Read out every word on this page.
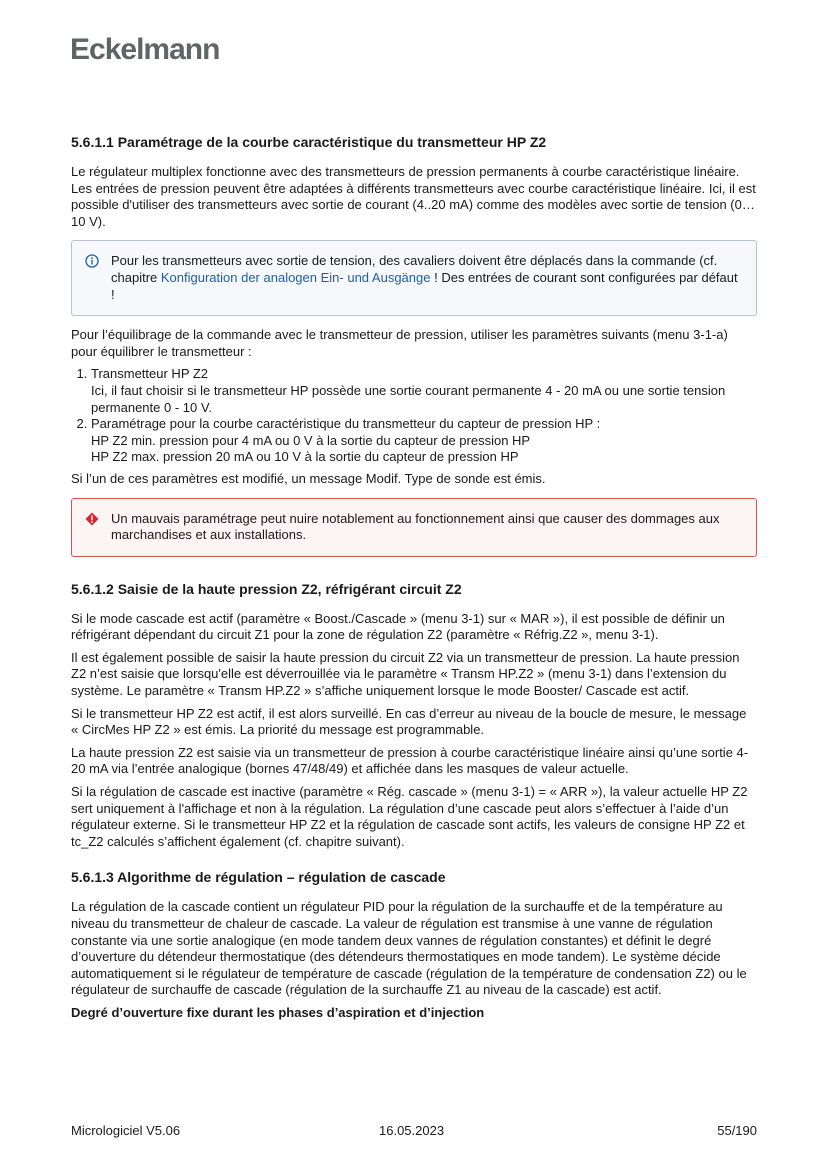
Eckelmann
5.6.1.1 Paramétrage de la courbe caractéristique du transmetteur HP Z2

Le régulateur multiplex fonctionne avec des transmetteurs de pression permanents à courbe caractéristique linéaire. Les entrées de pression peuvent être adaptées à différents transmetteurs avec courbe caractéristique linéaire. Ici, il est possible d'utiliser des transmetteurs avec sortie de courant (4..20 mA) comme des modèles avec sortie de tension (0…10 V).

Pour les transmetteurs avec sortie de tension, des cavaliers doivent être déplacés dans la commande (cf. chapitre Konfiguration der analogen Ein- und Ausgänge ! Des entrées de courant sont configurées par défaut !

Pour l’équilibrage de la commande avec le transmetteur de pression, utiliser les paramètres suivants (menu 3-1-a) pour équilibrer le transmetteur :

1. Transmetteur HP Z2
Ici, il faut choisir si le transmetteur HP possède une sortie courant permanente 4 - 20 mA ou une sortie tension permanente 0 - 10 V.
2. Paramétrage pour la courbe caractéristique du transmetteur du capteur de pression HP :
HP Z2 min. pression pour 4 mA ou 0 V à la sortie du capteur de pression HP
HP Z2 max. pression 20 mA ou 10 V à la sortie du capteur de pression HP

Si l’un de ces paramètres est modifié, un message Modif. Type de sonde est émis.

Un mauvais paramétrage peut nuire notablement au fonctionnement ainsi que causer des dommages aux marchandises et aux installations.
5.6.1.2 Saisie de la haute pression Z2, réfrigérant circuit Z2

Si le mode cascade est actif (paramètre « Boost./Cascade » (menu 3-1) sur « MAR »), il est possible de définir un réfrigérant dépendant du circuit Z1 pour la zone de régulation Z2 (paramètre « Réfrig.Z2 », menu 3-1).

Il est également possible de saisir la haute pression du circuit Z2 via un transmetteur de pression. La haute pression Z2 n’est saisie que lorsqu'elle est déverrouillée via le paramètre « Transm HP.Z2 » (menu 3-1) dans l’extension du système. Le paramètre « Transm HP.Z2 » s’affiche uniquement lorsque le mode Booster/ Cascade est actif.

Si le transmetteur HP Z2 est actif, il est alors surveillé. En cas d’erreur au niveau de la boucle de mesure, le message « CircMes HP Z2 » est émis. La priorité du message est programmable.

La haute pression Z2 est saisie via un transmetteur de pression à courbe caractéristique linéaire ainsi qu’une sortie 4-20 mA via l’entrée analogique (bornes 47/48/49) et affichée dans les masques de valeur actuelle.

Si la régulation de cascade est inactive (paramètre « Rég. cascade » (menu 3-1) = « ARR »), la valeur actuelle HP Z2 sert uniquement à l'affichage et non à la régulation. La régulation d’une cascade peut alors s’effectuer à l’aide d’un régulateur externe. Si le transmetteur HP Z2 et la régulation de cascade sont actifs, les valeurs de consigne HP Z2 et tc_Z2 calculés s’affichent également (cf. chapitre suivant).

5.6.1.3 Algorithme de régulation – régulation de cascade

La régulation de la cascade contient un régulateur PID pour la régulation de la surchauffe et de la température au niveau du transmetteur de chaleur de cascade. La valeur de régulation est transmise à une vanne de régulation constante via une sortie analogique (en mode tandem deux vannes de régulation constantes) et définit le degré d’ouverture du détendeur thermostatique (des détendeurs thermostatiques en mode tandem). Le système décide automatiquement si le régulateur de température de cascade (régulation de la température de condensation Z2) ou le régulateur de surchauffe de cascade (régulation de la surchauffe Z1 au niveau de la cascade) est actif.

Degré d’ouverture fixe durant les phases d’aspiration et d’injection

Micrologiciel V5.06	16.05.2023	55/190
